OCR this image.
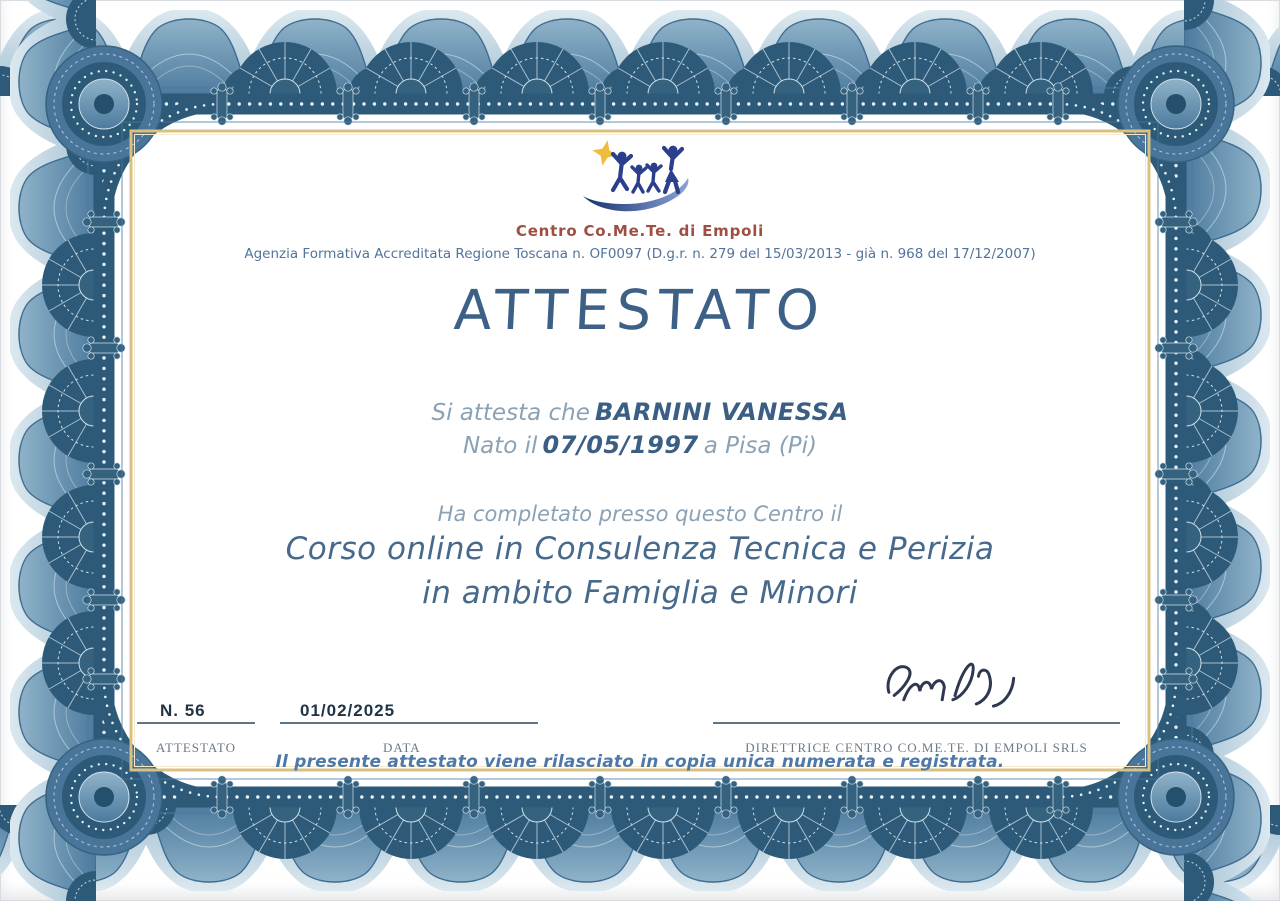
Centro Co.Me.Te. di Empoli
Agenzia Formativa Accreditata Regione Toscana n. OF0097 (D.g.r. n. 279 del 15/03/2013 - già n. 968 del 17/12/2007)
ATTESTATO
Si attesta che BARNINI VANESSA
Nato il 07/05/1997 a Pisa (Pi)
Ha completato presso questo Centro il
Corso online in Consulenza Tecnica e Perizia
in ambito Famiglia e Minori
N. 56	01/02/2025
ATTESTATO	DATA	DIRETTRICE CENTRO CO.ME.TE. DI EMPOLI SRLS
Il presente attestato viene rilasciato in copia unica numerata e registrata.
